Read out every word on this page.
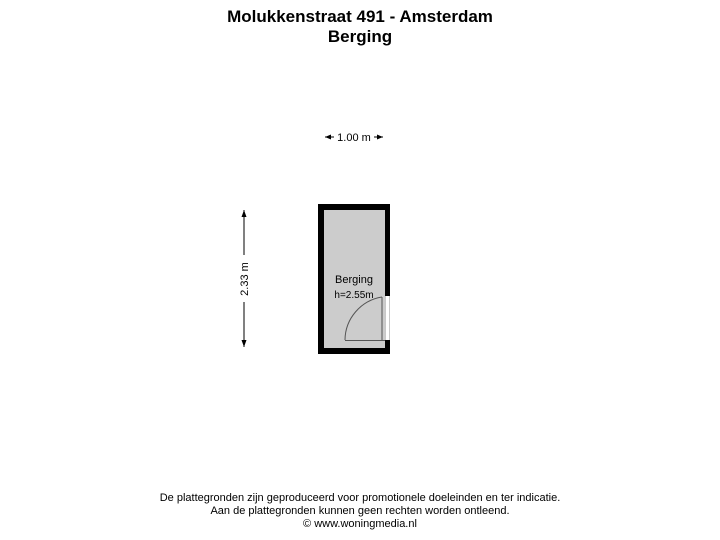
Molukkenstraat 491 - Amsterdam
Berging
1.00 m
2.33 m	Berging
h=2.55m
De plattegronden zijn geproduceerd voor promotionele doeleinden en ter indicatie.
Aan de plattegronden kunnen geen rechten worden ontleend.
© www.woningmedia.nl
